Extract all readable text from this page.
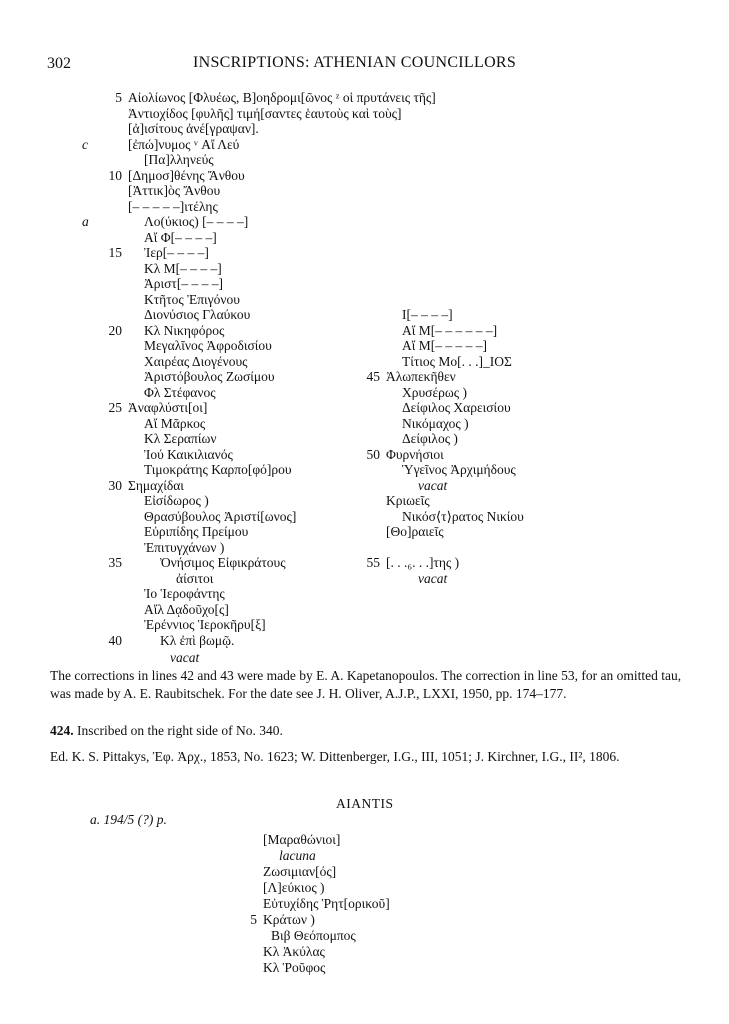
302	INSCRIPTIONS: ATHENIAN COUNCILLORS
5 Αἰολίωνος [Φλυέως, Β]οηδρομι[ῶνος ᶻ οἱ πρυτάνεις τῆς]
Ἀντιοχίδος [φυλῆς] τιμή[σαντες ἑαυτοὺς καὶ τοὺς]
[ἀ]ισίτους ἀνέ[γραψαν].
c	[ἐπώ]νυμος ᵛ Αἴ Λεύ
[Πα]λληνεύς
10 [Δημοσ]θένης Ἄνθου
[Ἀττικ]ὸς Ἄνθου
[– – – – –]ιτέλης
a	Λο(ύκιος) [– – – –]
Αἴ Φ[– – – –]
15 Ἰερ[– – – –]
Κλ Μ[– – – –]
Ἀριστ[– – – –]
Κτῆτος Ἐπιγόνου
Διονύσιος Γλαύκου
20 Κλ Νικηφόρος
Μεγαλῖνος Ἀφροδισίου
Χαιρέας Διογένους
Ἀριστόβουλος Ζωσίμου
Φλ Στέφανος
25 Ἀναφλύστι[οι]
Αἴ Μᾶρκος
Κλ Σεραπίων
Ἰού Καικιλιανός
Τιμοκράτης Καρπο[φό]ρου
30 Σημαχίδαι
Εἰσίδωρος )
Θρασύβουλος Ἀριστί[ωνος]
Εὐριπίδης Πρείμου
Ἐπιτυγχάνων )
35	Ὀνήσιμος Εἰφικράτους
ἀίσιτοι
Ἰο Ἱεροφάντης
Αἴλ Δᾳδοῦχο[ς]
Ἐρέννιος Ἱεροκῆρυ[ξ]
40	Κλ ἐπὶ βωμῷ.
Ι[– – – –]
Αἴ Μ[– – – – – –]
Αἴ Μ[– – – – –]
Τίτιος Μο[. . .]_ΙΟΣ
45 Ἀλωπεκῆθεν
Χρυσέρως )
Δείφιλος Χαρεισίου
Νικόμαχος )
Δείφιλος )
50 Φυρνήσιοι
Ὑγεῖνος Ἀρχιμήδους
vacat
Κριωεῖς
Νικόσ⟨τ⟩ρατος Νικίου
[Θο]ραιεῖς
55 [. . .₆. . .]της )
vacat
vacat
The corrections in lines 42 and 43 were made by E. A. Kapetanopoulos. The correction in line 53, for an omitted tau, was made by A. E. Raubitschek. For the date see J. H. Oliver, A.J.P., LXXI, 1950, pp. 174–177.
424. Inscribed on the right side of No. 340.
Ed. K. S. Pittakys, Ἐφ. Ἀρχ., 1853, No. 1623; W. Dittenberger, I.G., III, 1051; J. Kirchner, I.G., II², 1806.
AIANTIS
a. 194/5 (?) p.
[Μαραθώνιοι]
lacuna
Ζωσιμιαν[ός]
[Λ]εύκιος )
Εὐτυχίδης Ῥητ[ορικοῦ]
5 Κράτων )
Βιβ Θεόπομπος
Κλ Ἀκύλας
Κλ Ῥοῦφος
